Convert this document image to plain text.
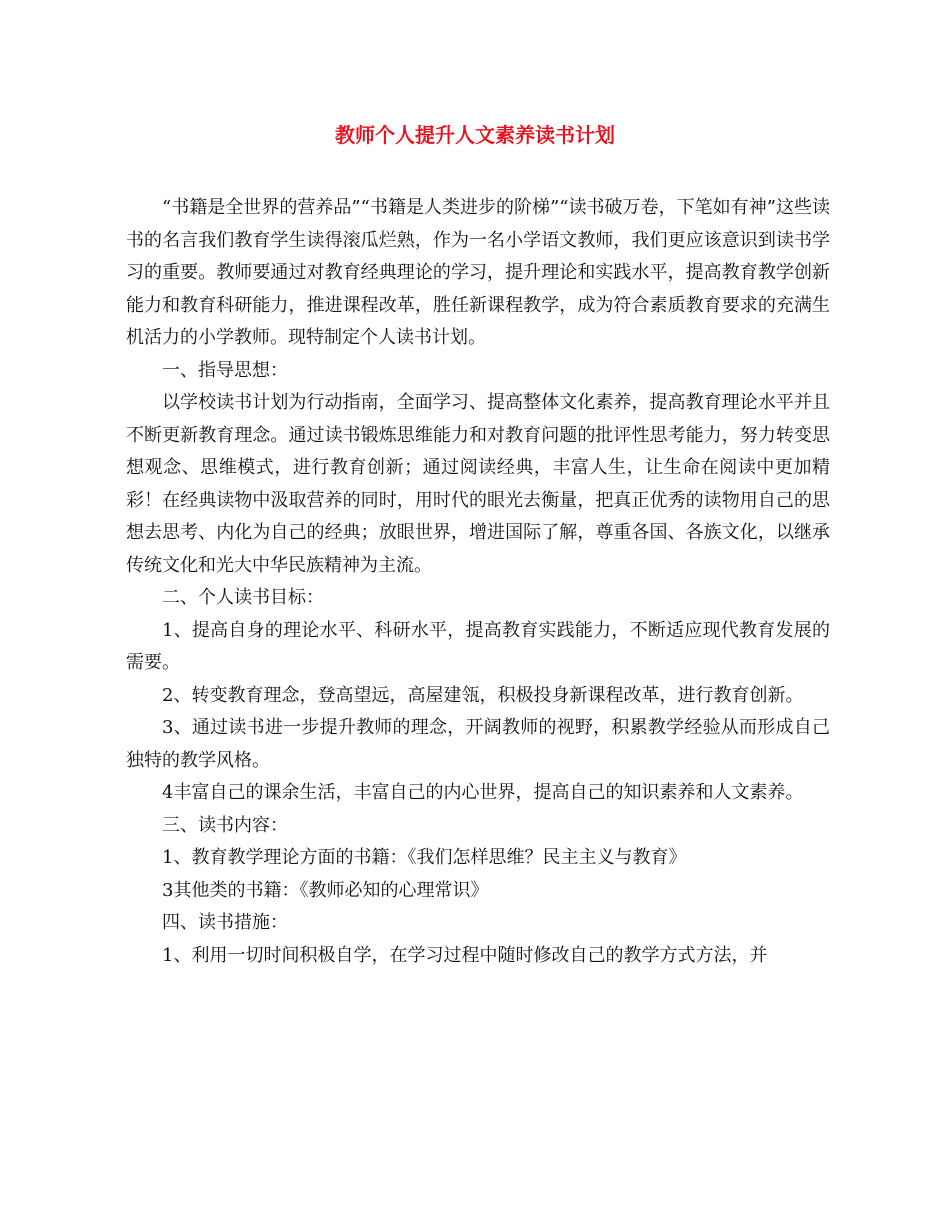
教师个人提升人文素养读书计划

“书籍是全世界的营养品”“书籍是人类进步的阶梯”“读书破万卷，下笔如有神”这些读书的名言我们教育学生读得滚瓜烂熟，作为一名小学语文教师，我们更应该意识到读书学习的重要。教师要通过对教育经典理论的学习，提升理论和实践水平，提高教育教学创新能力和教育科研能力，推进课程改革，胜任新课程教学，成为符合素质教育要求的充满生机活力的小学教师。现特制定个人读书计划。

一、指导思想：

以学校读书计划为行动指南，全面学习、提高整体文化素养，提高教育理论水平并且不断更新教育理念。通过读书锻炼思维能力和对教育问题的批评性思考能力，努力转变思想观念、思维模式，进行教育创新；通过阅读经典，丰富人生，让生命在阅读中更加精彩！在经典读物中汲取营养的同时，用时代的眼光去衡量，把真正优秀的读物用自己的思想去思考、内化为自己的经典；放眼世界，增进国际了解，尊重各国、各族文化，以继承传统文化和光大中华民族精神为主流。

二、个人读书目标：

1、提高自身的理论水平、科研水平，提高教育实践能力，不断适应现代教育发展的需要。

2、转变教育理念，登高望远，高屋建瓴，积极投身新课程改革，进行教育创新。

3、通过读书进一步提升教师的理念，开阔教师的视野，积累教学经验从而形成自己独特的教学风格。

4丰富自己的课余生活，丰富自己的内心世界，提高自己的知识素养和人文素养。

三、读书内容：

1、教育教学理论方面的书籍：《我们怎样思维？民主主义与教育》

3其他类的书籍：《教师必知的心理常识》

四、读书措施：

1、利用一切时间积极自学，在学习过程中随时修改自己的教学方式方法，并
